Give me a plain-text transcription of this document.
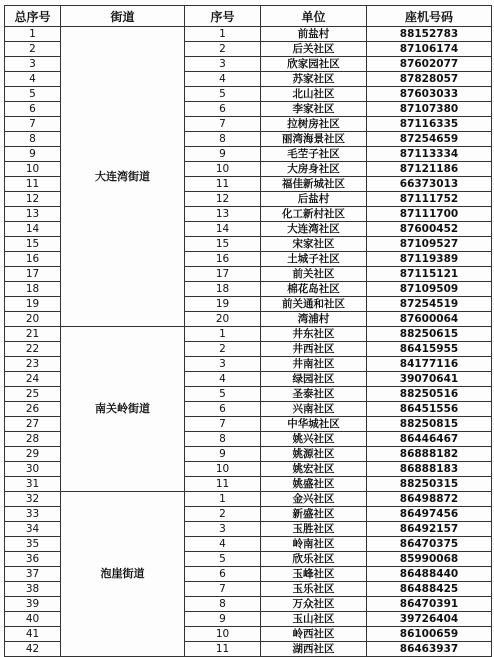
总序号	街道	序号	单位	座机号码
1	大连湾街道	1	前盐村	88152783
2		2	后关社区	87106174
3		3	欣家园社区	87602077
4		4	苏家社区	87828057
5		5	北山社区	87603033
6		6	李家社区	87107380
7		7	拉树房社区	87116335
8		8	丽湾海景社区	87254659
9		9	毛茔子社区	87113334
10		10	大房身社区	87121186
11		11	福佳新城社区	66373013
12		12	后盐村	87111752
13		13	化工新村社区	87111700
14		14	大连湾社区	87600452
15		15	宋家社区	87109527
16		16	土城子社区	87119389
17		17	前关社区	87115121
18		18	棉花岛社区	87109509
19		19	前关通和社区	87254519
20		20	湾浦村	87600064
21	南关岭街道	1	井东社区	88250615
22		2	井西社区	86415955
23		3	井南社区	84177116
24		4	绿园社区	39070641
25		5	圣泰社区	88250516
26		6	兴南社区	86451556
27		7	中华城社区	88250815
28		8	姚兴社区	86446467
29		9	姚源社区	86888182
30		10	姚宏社区	86888183
31		11	姚盛社区	88250315
32	泡崖街道	1	金兴社区	86498872
33		2	新盛社区	86497456
34		3	玉胜社区	86492157
35		4	岭南社区	86470375
36		5	欣乐社区	85990068
37		6	玉峰社区	86488440
38		7	玉乐社区	86488425
39		8	万众社区	86470391
40		9	玉山社区	39726404
41		10	岭西社区	86100659
42		11	湖西社区	86463937
